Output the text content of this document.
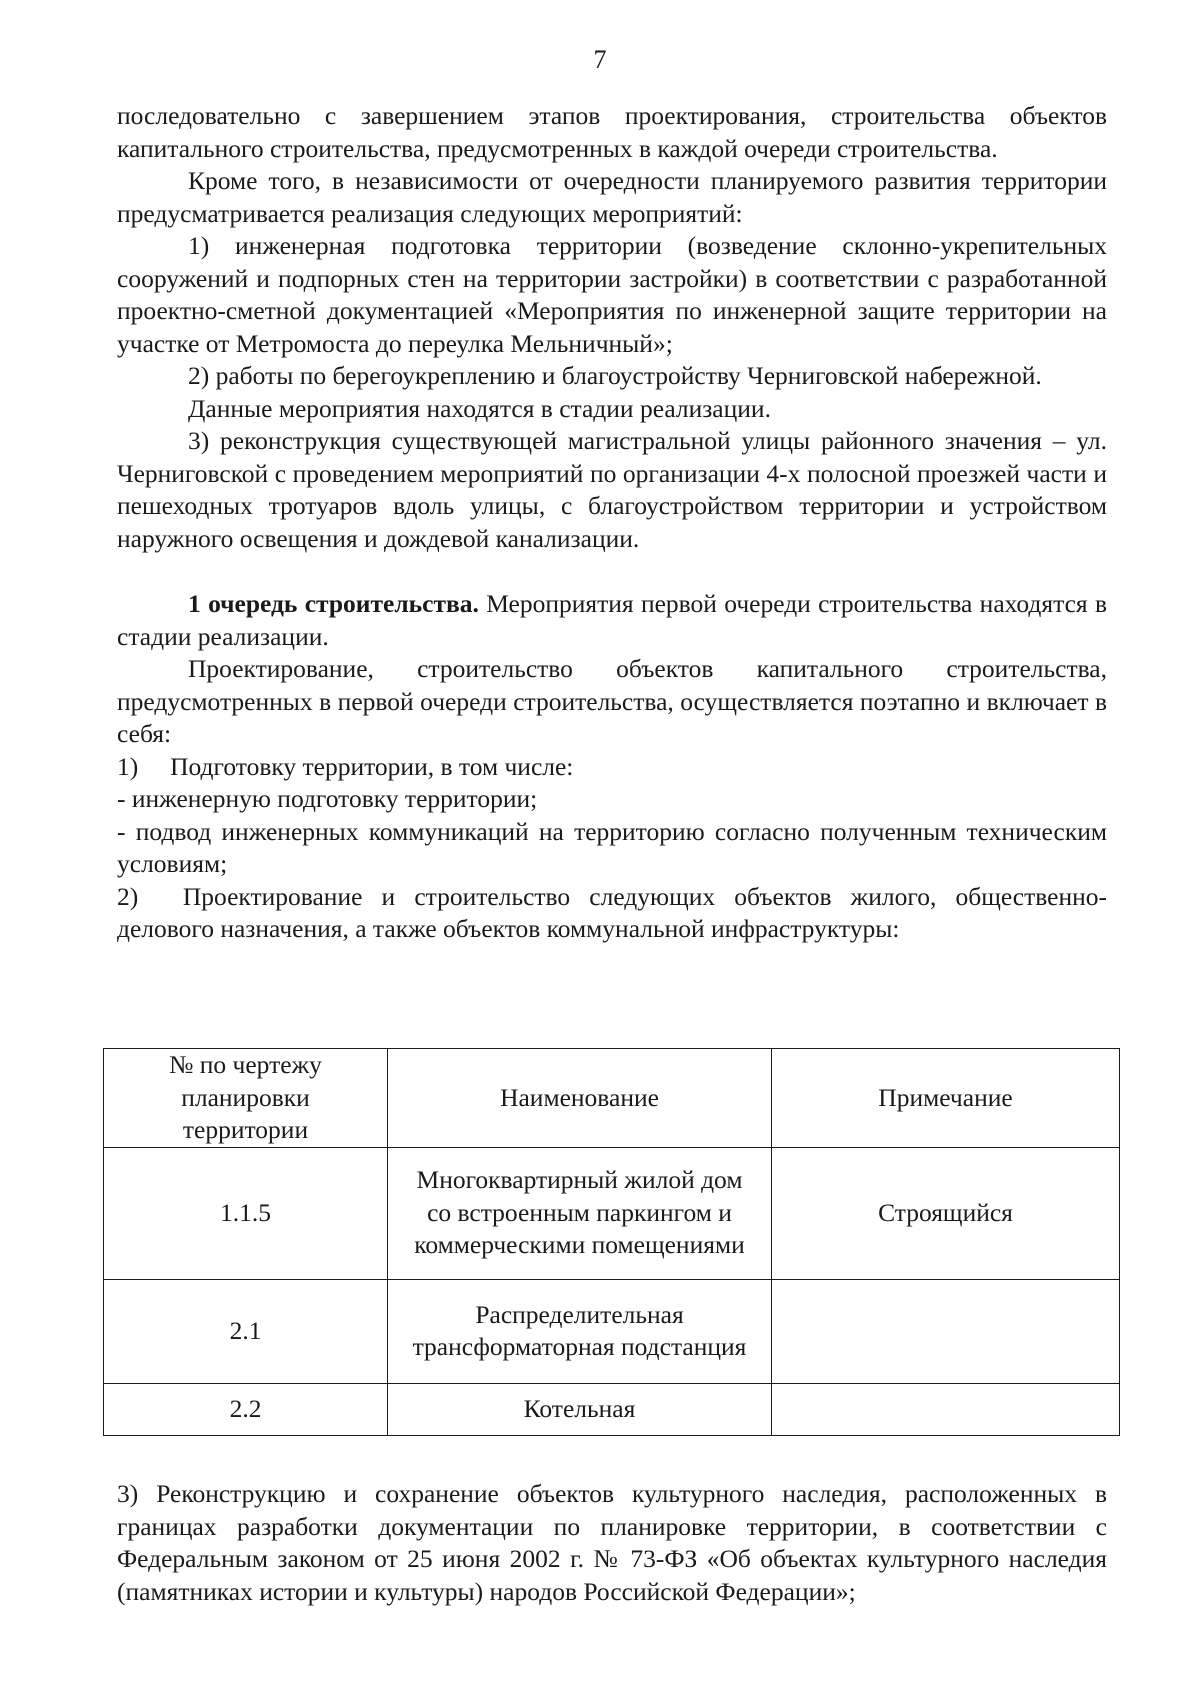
7

последовательно с завершением этапов проектирования, строительства объектов капитального строительства, предусмотренных в каждой очереди строительства.

Кроме того, в независимости от очередности планируемого развития территории предусматривается реализация следующих мероприятий:

1) инженерная подготовка территории (возведение склонно-укрепительных сооружений и подпорных стен на территории застройки) в соответствии с разработанной проектно-сметной документацией «Мероприятия по инженерной защите территории на участке от Метромоста до переулка Мельничный»;

2) работы по берегоукреплению и благоустройству Черниговской набережной.

Данные мероприятия находятся в стадии реализации.

3) реконструкция существующей магистральной улицы районного значения – ул. Черниговской с проведением мероприятий по организации 4-х полосной проезжей части и пешеходных тротуаров вдоль улицы, с благоустройством территории и устройством наружного освещения и дождевой канализации.

1 очередь строительства. Мероприятия первой очереди строительства находятся в стадии реализации.

Проектирование, строительство объектов капитального строительства, предусмотренных в первой очереди строительства, осуществляется поэтапно и включает в себя:

1)  Подготовку территории, в том числе:

- инженерную подготовку территории;

- подвод инженерных коммуникаций на территорию согласно полученным техническим условиям;

2)  Проектирование и строительство следующих объектов жилого, общественно-делового назначения, а также объектов коммунальной инфраструктуры:

№ по чертежу планировки территории	Наименование	Примечание
1.1.5	Многоквартирный жилой дом со встроенным паркингом и коммерческими помещениями	Строящийся
2.1	Распределительная трансформаторная подстанция	
2.2	Котельная	

3) Реконструкцию и сохранение объектов культурного наследия, расположенных в границах разработки документации по планировке территории, в соответствии с Федеральным законом от 25 июня 2002 г. № 73-ФЗ «Об объектах культурного наследия (памятниках истории и культуры) народов Российской Федерации»;
